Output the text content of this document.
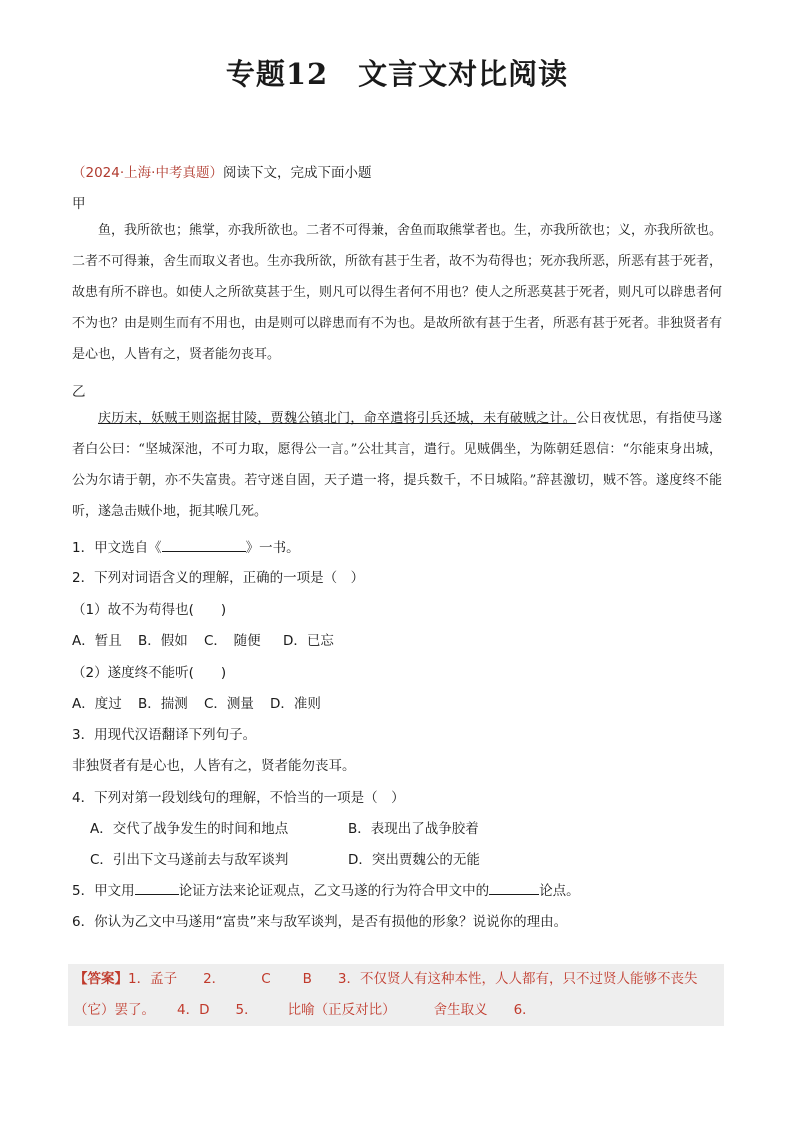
专题12 文言文对比阅读
（2024·上海·中考真题）阅读下文，完成下面小题
甲

鱼，我所欲也；熊掌，亦我所欲也。二者不可得兼，舍鱼而取熊掌者也。生，亦我所欲也；义，亦我所欲也。二者不可得兼，舍生而取义者也。生亦我所欲，所欲有甚于生者，故不为苟得也；死亦我所恶，所恶有甚于死者，故患有所不辟也。如使人之所欲莫甚于生，则凡可以得生者何不用也？使人之所恶莫甚于死者，则凡可以辟患者何不为也？由是则生而有不用也，由是则可以辟患而有不为也。是故所欲有甚于生者，所恶有甚于死者。非独贤者有是心也，人皆有之，贤者能勿丧耳。

乙

庆历末，妖贼王则盗据甘陵，贾魏公镇北门，命卒遣将引兵还城，未有破贼之计。公日夜忧思，有指使马遂者白公曰：“坚城深池，不可力取，愿得公一言。”公壮其言，遣行。见贼偶坐，为陈朝廷恩信：“尔能束身出城，公为尔请于朝，亦不失富贵。若守迷自固，天子遣一将，提兵数千，不日城陷。”辞甚激切，贼不答。遂度终不能听，遂急击贼仆地，扼其喉几死。

1．甲文选自《	》一书。
2．下列对词语含义的理解，正确的一项是（　）
（1）故不为苟得也(　　)
A．暂且 B．假如 C．　随便 D．已忘
（2）遂度终不能听(　　)
A．度过 B．揣测 C．测量 D．准则
3．用现代汉语翻译下列句子。
非独贤者有是心也，人皆有之，贤者能勿丧耳。
4．下列对第一段划线句的理解，不恰当的一项是（　）
A．交代了战争发生的时间和地点	B．表现出了战争胶着
C．引出下文马遂前去与敌军谈判	D．突出贾魏公的无能
5．甲文用	论证方法来论证观点，乙文马遂的行为符合甲文中的	论点。
6．你认为乙文中马遂用“富贵”来与敌军谈判，是否有损他的形象？说说你的理由。
【答案】1．孟子 2．	C B 3．不仅贤人有这种本性，人人都有，只不过贤人能够不丧失
（它）罢了。 4．D 5． 比喻（正反对比）	舍生取义 6．
